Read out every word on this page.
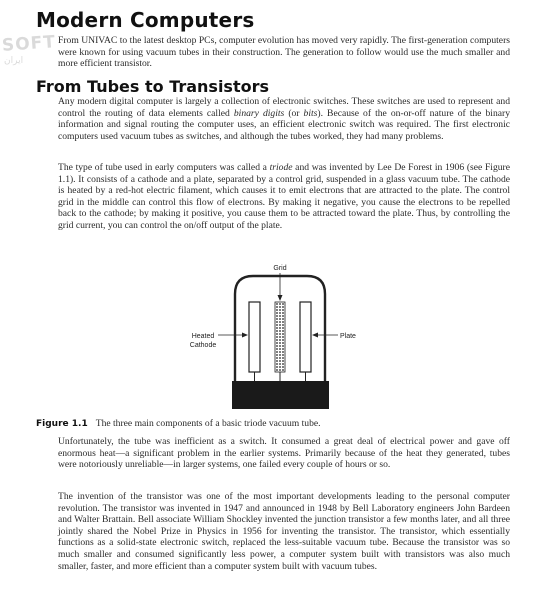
SOFT
ایران
Modern Computers

From UNIVAC to the latest desktop PCs, computer evolution has moved very rapidly. The first-generation computers were known for using vacuum tubes in their construction. The generation to follow would use the much smaller and more efficient transistor.

From Tubes to Transistors

Any modern digital computer is largely a collection of electronic switches. These switches are used to represent and control the routing of data elements called binary digits (or bits). Because of the on-or-off nature of the binary information and signal routing the computer uses, an efficient electronic switch was required. The first electronic computers used vacuum tubes as switches, and although the tubes worked, they had many problems.

The type of tube used in early computers was called a triode and was invented by Lee De Forest in 1906 (see Figure 1.1). It consists of a cathode and a plate, separated by a control grid, suspended in a glass vacuum tube. The cathode is heated by a red-hot electric filament, which causes it to emit electrons that are attracted to the plate. The control grid in the middle can control this flow of electrons. By making it negative, you cause the electrons to be repelled back to the cathode; by making it positive, you cause them to be attracted toward the plate. Thus, by controlling the grid current, you can control the on/off output of the plate.

Grid
Heated
Cathode
Plate

Figure 1.1 The three main components of a basic triode vacuum tube.

Unfortunately, the tube was inefficient as a switch. It consumed a great deal of electrical power and gave off enormous heat—a significant problem in the earlier systems. Primarily because of the heat they generated, tubes were notoriously unreliable—in larger systems, one failed every couple of hours or so.

The invention of the transistor was one of the most important developments leading to the personal computer revolution. The transistor was invented in 1947 and announced in 1948 by Bell Laboratory engineers John Bardeen and Walter Brattain. Bell associate William Shockley invented the junction transistor a few months later, and all three jointly shared the Nobel Prize in Physics in 1956 for inventing the transistor. The transistor, which essentially functions as a solid-state electronic switch, replaced the less-suitable vacuum tube. Because the transistor was so much smaller and consumed significantly less power, a computer system built with transistors was also much smaller, faster, and more efficient than a computer system built with vacuum tubes.
